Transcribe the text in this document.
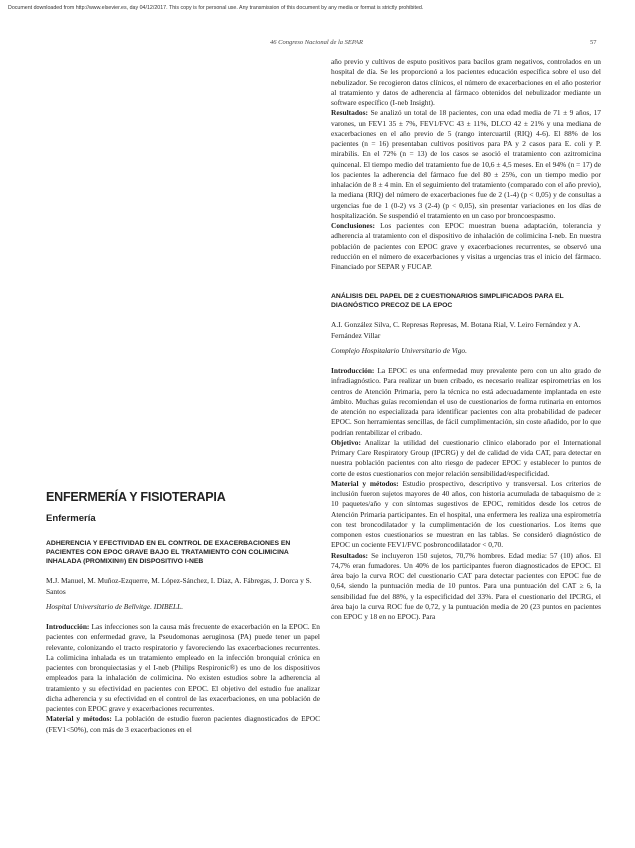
Document downloaded from http://www.elsevier.es, day 04/12/2017. This copy is for personal use. Any transmission of this document by any media or format is strictly prohibited.
46 Congreso Nacional de la SEPAR	57

año previo y cultivos de esputo positivos para bacilos gram negativos, controlados en un hospital de día. Se les proporcionó a los pacientes educación específica sobre el uso del nebulizador. Se recogieron datos clínicos, el número de exacerbaciones en el año posterior al tratamiento y datos de adherencia al fármaco obtenidos del nebulizador mediante un software específico (I-neb Insight).

Resultados: Se analizó un total de 18 pacientes, con una edad media de 71 ± 9 años, 17 varones, un FEV1 35 ± 7%, FEV1/FVC 43 ± 11%, DLCO 42 ± 21% y una mediana de exacerbaciones en el año previo de 5 (rango intercuartil (RIQ) 4-6). El 88% de los pacientes (n = 16) presentaban cultivos positivos para PA y 2 casos para E. coli y P. mirabilis. En el 72% (n = 13) de los casos se asoció el tratamiento con azitromicina quincenal. El tiempo medio del tratamiento fue de 10,6 ± 4,5 meses. En el 94% (n = 17) de los pacientes la adherencia del fármaco fue del 80 ± 25%, con un tiempo medio por inhalación de 8 ± 4 min. En el seguimiento del tratamiento (comparado con el año previo), la mediana (RIQ) del número de exacerbaciones fue de 2 (1-4) (p < 0,05) y de consultas a urgencias fue de 1 (0-2) vs 3 (2-4) (p < 0,05), sin presentar variaciones en los días de hospitalización. Se suspendió el tratamiento en un caso por broncoespasmo.

Conclusiones: Los pacientes con EPOC muestran buena adaptación, tolerancia y adherencia al tratamiento con el dispositivo de inhalación de colimicina I-neb. En nuestra población de pacientes con EPOC grave y exacerbaciones recurrentes, se observó una reducción en el número de exacerbaciones y visitas a urgencias tras el inicio del fármaco. Financiado por SEPAR y FUCAP.

ANÁLISIS DEL PAPEL DE 2 CUESTIONARIOS SIMPLIFICADOS PARA EL DIAGNÓSTICO PRECOZ DE LA EPOC

A.I. González Silva, C. Represas Represas, M. Botana Rial, V. Leiro Fernández y A. Fernández Villar

Complejo Hospitalario Universitario de Vigo.

Introducción: La EPOC es una enfermedad muy prevalente pero con un alto grado de infradiagnóstico. Para realizar un buen cribado, es necesario realizar espirometrías en los centros de Atención Primaria, pero la técnica no está adecuadamente implantada en este ámbito. Muchas guías recomiendan el uso de cuestionarios de forma rutinaria en entornos de atención no especializada para identificar pacientes con alta probabilidad de padecer EPOC. Son herramientas sencillas, de fácil cumplimentación, sin coste añadido, por lo que podrían rentabilizar el cribado.

Objetivo: Analizar la utilidad del cuestionario clínico elaborado por el International Primary Care Respiratory Group (IPCRG) y del de calidad de vida CAT, para detectar en nuestra población pacientes con alto riesgo de padecer EPOC y establecer lo puntos de corte de estos cuestionarios con mejor relación sensibilidad/especificidad.

Material y métodos: Estudio prospectivo, descriptivo y transversal. Los criterios de inclusión fueron sujetos mayores de 40 años, con historia acumulada de tabaquismo de ≥ 10 paquetes/año y con síntomas sugestivos de EPOC, remitidos desde los cetros de Atención Primaria participantes. En el hospital, una enfermera les realiza una espirometría con test broncodilatador y la cumplimentación de los cuestionarios. Los ítems que componen estos cuestionarios se muestran en las tablas. Se consideró diagnóstico de EPOC un cociente FEV1/FVC posbroncodilatador < 0,70.

Resultados: Se incluyeron 150 sujetos, 70,7% hombres. Edad media: 57 (10) años. El 74,7% eran fumadores. Un 40% de los participantes fueron diagnosticados de EPOC. El área bajo la curva ROC del cuestionario CAT para detectar pacientes con EPOC fue de 0,64, siendo la puntuación media de 10 puntos. Para una puntuación del CAT ≥ 6, la sensibilidad fue del 88%, y la especificidad del 33%. Para el cuestionario del IPCRG, el área bajo la curva ROC fue de 0,72, y la puntuación media de 20 (23 puntos en pacientes con EPOC y 18 en no EPOC). Para

ENFERMERÍA Y FISIOTERAPIA
Enfermería

ADHERENCIA Y EFECTIVIDAD EN EL CONTROL DE EXACERBACIONES EN PACIENTES CON EPOC GRAVE BAJO EL TRATAMIENTO CON COLIMICINA INHALADA (PROMIXIN®) EN DISPOSITIVO I-NEB

M.J. Manuel, M. Muñoz-Ezquerre, M. López-Sánchez, I. Díaz, A. Fábregas, J. Dorca y S. Santos

Hospital Universitario de Bellvitge. IDIBELL.

Introducción: Las infecciones son la causa más frecuente de exacerbación en la EPOC. En pacientes con enfermedad grave, la Pseudomonas aeruginosa (PA) puede tener un papel relevante, colonizando el tracto respiratorio y favoreciendo las exacerbaciones recurrentes. La colimicina inhalada es un tratamiento empleado en la infección bronquial crónica en pacientes con bronquiectasias y el I-neb (Philips Respironic®) es uno de los dispositivos empleados para la inhalación de colimicina. No existen estudios sobre la adherencia al tratamiento y su efectividad en pacientes con EPOC. El objetivo del estudio fue analizar dicha adherencia y su efectividad en el control de las exacerbaciones, en una población de pacientes con EPOC grave y exacerbaciones recurrentes.

Material y métodos: La población de estudio fueron pacientes diagnosticados de EPOC (FEV1<50%), con más de 3 exacerbaciones en el
